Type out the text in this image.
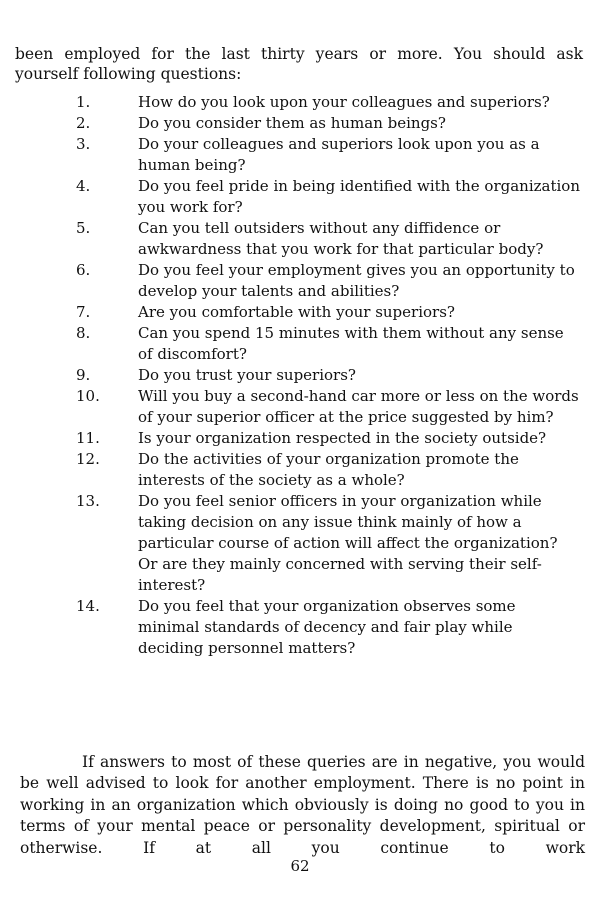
been employed for the last thirty years or more. You should ask yourself following questions:

1.	How do you look upon your colleagues and superiors?
2.	Do you consider them as human beings?
3.	Do your colleagues and superiors look upon you as a human being?
4.	Do you feel pride in being identified with the organization you work for?
5.	Can you tell outsiders without any diffidence or awkwardness that you work for that particular body?
6.	Do you feel your employment gives you an opportunity to develop your talents and abilities?
7.	Are you comfortable with your superiors?
8.	Can you spend 15 minutes with them without any sense of discomfort?
9.	Do you trust your superiors?
10.	Will you buy a second-hand car more or less on the words of your superior officer at the price suggested by him?
11.	Is your organization respected in the society outside?
12.	Do the activities of your organization promote the interests of the society as a whole?
13.	Do you feel senior officers in your organization while taking decision on any issue think mainly of how a particular course of action will affect the organization? Or are they mainly concerned with serving their self-interest?
14.	Do you feel that your organization observes some minimal standards of decency and fair play while deciding personnel matters?

If answers to most of these queries are in negative, you would be well advised to look for another employment. There is no point in working in an organization which obviously is doing no good to you in terms of your mental peace or personality development, spiritual or otherwise. If at all you continue to work

62
